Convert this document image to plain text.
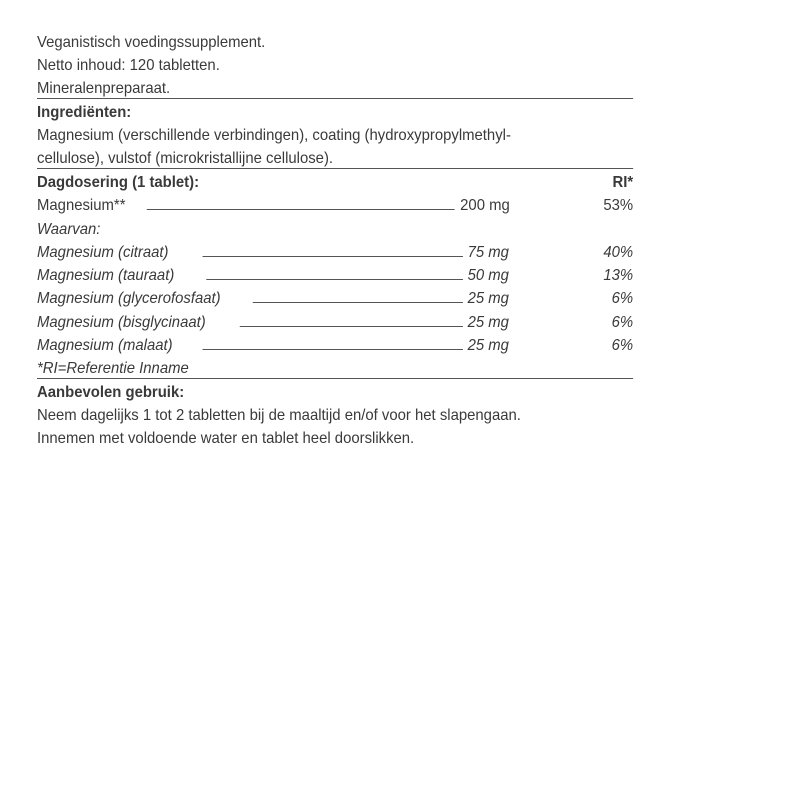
Veganistisch voedingssupplement.
Netto inhoud: 120 tabletten.
Mineralenpreparaat.
Ingrediënten:
Magnesium (verschillende verbindingen), coating (hydroxypropylmethyl-
cellulose), vulstof (microkristallijne cellulose).
Dagdosering (1 tablet):	RI*
Magnesium**	200 mg	53%
Waarvan:
Magnesium (citraat)	75 mg	40%
Magnesium (tauraat)	50 mg	13%
Magnesium (glycerofosfaat)	25 mg	6%
Magnesium (bisglycinaat)	25 mg	6%
Magnesium (malaat)	25 mg	6%
*RI=Referentie Inname
Aanbevolen gebruik:
Neem dagelijks 1 tot 2 tabletten bij de maaltijd en/of voor het slapengaan.
Innemen met voldoende water en tablet heel doorslikken.
